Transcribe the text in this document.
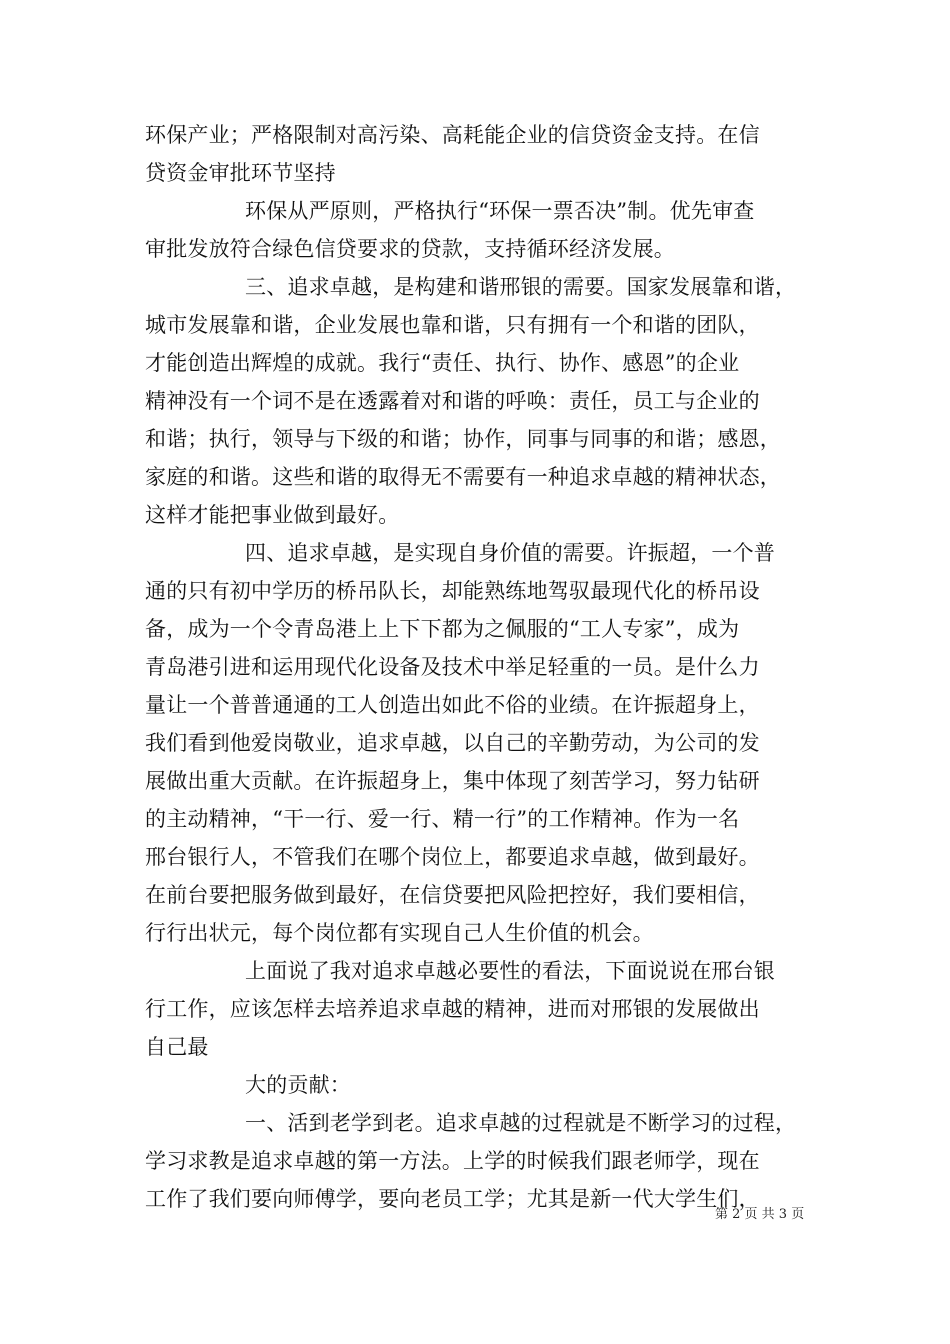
环保产业；严格限制对高污染、高耗能企业的信贷资金支持。在信
贷资金审批环节坚持
环保从严原则，严格执行“环保一票否决”制。优先审查
审批发放符合绿色信贷要求的贷款，支持循环经济发展。
三、追求卓越，是构建和谐邢银的需要。国家发展靠和谐，
城市发展靠和谐，企业发展也靠和谐，只有拥有一个和谐的团队，
才能创造出辉煌的成就。我行“责任、执行、协作、感恩”的企业
精神没有一个词不是在透露着对和谐的呼唤：责任，员工与企业的
和谐；执行，领导与下级的和谐；协作，同事与同事的和谐；感恩，
家庭的和谐。这些和谐的取得无不需要有一种追求卓越的精神状态，
这样才能把事业做到最好。
四、追求卓越，是实现自身价值的需要。许振超，一个普
通的只有初中学历的桥吊队长，却能熟练地驾驭最现代化的桥吊设
备，成为一个令青岛港上上下下都为之佩服的“工人专家”，成为
青岛港引进和运用现代化设备及技术中举足轻重的一员。是什么力
量让一个普普通通的工人创造出如此不俗的业绩。在许振超身上，
我们看到他爱岗敬业，追求卓越，以自己的辛勤劳动，为公司的发
展做出重大贡献。在许振超身上，集中体现了刻苦学习，努力钻研
的主动精神，“干一行、爱一行、精一行”的工作精神。作为一名
邢台银行人，不管我们在哪个岗位上，都要追求卓越，做到最好。
在前台要把服务做到最好，在信贷要把风险把控好，我们要相信，
行行出状元，每个岗位都有实现自己人生价值的机会。
上面说了我对追求卓越必要性的看法，下面说说在邢台银
行工作，应该怎样去培养追求卓越的精神，进而对邢银的发展做出
自己最
大的贡献：
一、活到老学到老。追求卓越的过程就是不断学习的过程，
学习求教是追求卓越的第一方法。上学的时候我们跟老师学，现在
工作了我们要向师傅学，要向老员工学；尤其是新一代大学生们，
第 2 页 共 3 页
